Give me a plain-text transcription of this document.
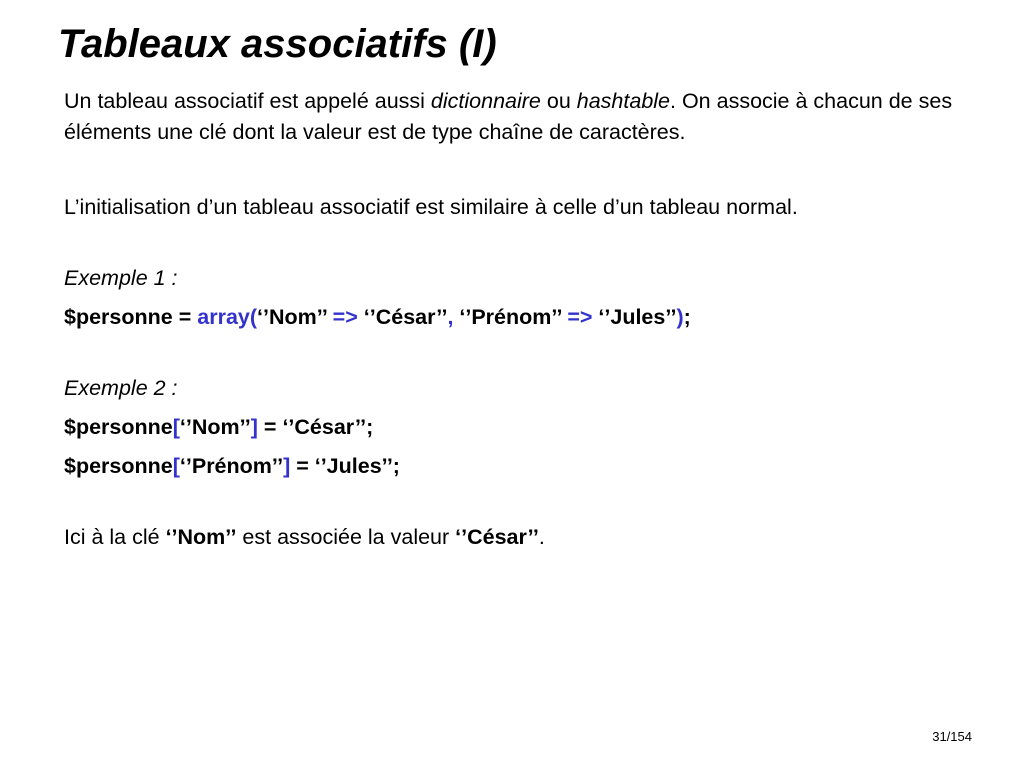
Tableaux associatifs (I)

Un tableau associatif est appelé aussi dictionnaire ou hashtable. On associe à chacun de ses éléments une clé dont la valeur est de type chaîne de caractères.

L’initialisation d’un tableau associatif est similaire à celle d’un tableau normal.

Exemple 1 :

$personne = array(‘’Nom’’ => ‘’César’’, ‘’Prénom’’ => ‘’Jules’’);

Exemple 2 :

$personne[‘’Nom’’] = ‘’César’’;

$personne[‘’Prénom’’] = ‘’Jules’’;

Ici à la clé ‘’Nom’’ est associée la valeur ‘’César’’.

31/154
